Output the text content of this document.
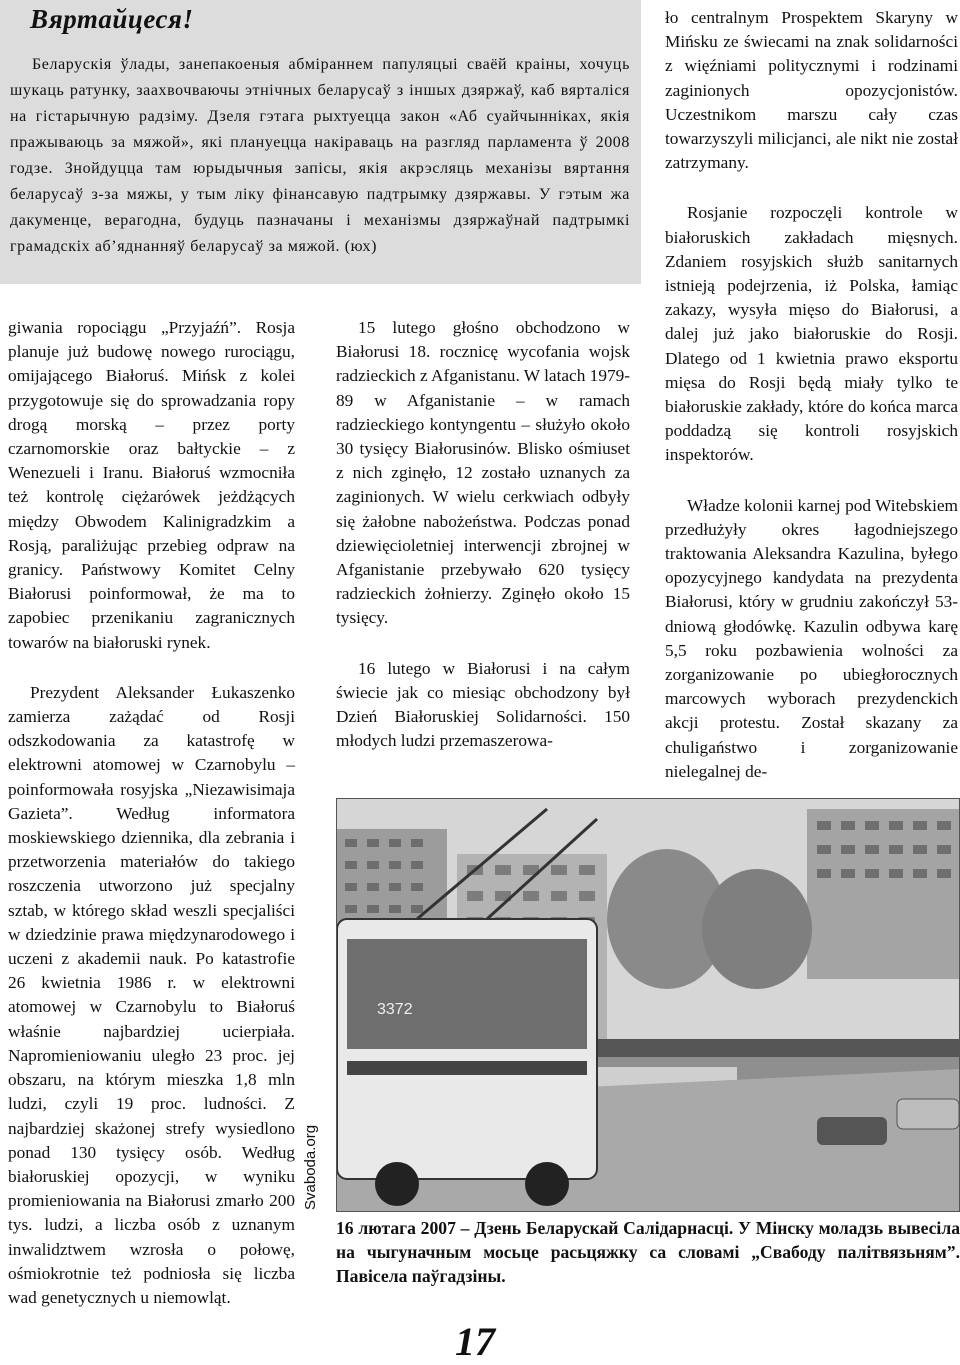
Вяртайцеся!

Беларускія ўлады, занепакоеныя абміраннем папуляцыі сваёй краіны, хочуць шукаць ратунку, заахвочваючы этнічных беларусаў з іншых дзяржаў, каб вярталіся на гістарычную радзіму. Дзеля гэтага рыхтуецца закон «Аб суайчынніках, якія пражываюць за мяжой», які плануецца накіраваць на разгляд парламента ў 2008 годзе. Знойдуцца там юрыдычныя запісы, якія акрэсляць механізы вяртання беларусаў з-за мяжы, у тым ліку фінансавую падтрымку дзяржавы. У гэтым жа дакуменце, верагодна, будуць пазначаны і механізмы дзяржаўнай падтрымкі грамадскіх аб’яднанняў беларусаў за мяжой. (юх)

giwania ropociągu „Przyjaźń”. Rosja planuje już budowę nowego rurociągu, omijającego Białoruś. Mińsk z kolei przygotowuje się do sprowadzania ropy drogą morską – przez porty czarnomorskie oraz bałtyckie – z Wenezueli i Iranu. Białoruś wzmocniła też kontrolę ciężarówek jeżdżących między Obwodem Kalinigradzkim a Rosją, paraliżując przebieg odpraw na granicy. Państwowy Komitet Celny Białorusi poinformował, że ma to zapobiec przenikaniu zagranicznych towarów na białoruski rynek.

Prezydent Aleksander Łukaszenko zamierza zażądać od Rosji odszkodowania za katastrofę w elektrowni atomowej w Czarnobylu – poinformowała rosyjska „Niezawisimaja Gazieta”. Według informatora moskiewskiego dziennika, dla zebrania i przetworzenia materiałów do takiego roszczenia utworzono już specjalny sztab, w którego skład weszli specjaliści w dziedzinie prawa międzynarodowego i uczeni z akademii nauk. Po katastrofie 26 kwietnia 1986 r. w elektrowni atomowej w Czarnobylu to Białoruś właśnie najbardziej ucierpiała. Napromieniowaniu uległo 23 proc. jej obszaru, na którym mieszka 1,8 mln ludzi, czyli 19 proc. ludności. Z najbardziej skażonej strefy wysiedlono ponad 130 tysięcy osób. Według białoruskiej opozycji, w wyniku promieniowania na Białorusi zmarło 200 tys. ludzi, a liczba osób z uznanym inwalidztwem wzrosła o połowę, ośmiokrotnie też podniosła się liczba wad genetycznych u niemowląt.

15 lutego głośno obchodzono w Białorusi 18. rocznicę wycofania wojsk radzieckich z Afganistanu. W latach 1979-89 w Afganistanie – w ramach radzieckiego kontyngentu – służyło około 30 tysięcy Białorusinów. Blisko ośmiuset z nich zginęło, 12 zostało uznanych za zaginionych. W wielu cerkwiach odbyły się żałobne nabożeństwa. Podczas ponad dziewięcioletniej interwencji zbrojnej w Afganistanie przebywało 620 tysięcy radzieckich żołnierzy. Zginęło około 15 tysięcy.

16 lutego w Białorusi i na całym świecie jak co miesiąc obchodzony był Dzień Białoruskiej Solidarności. 150 młodych ludzi przemaszerowa-

ło centralnym Prospektem Skaryny w Mińsku ze świecami na znak solidarności z więźniami politycznymi i rodzinami zaginionych opozycjonistów. Uczestnikom marszu cały czas towarzyszyli milicjanci, ale nikt nie został zatrzymany.

Rosjanie rozpoczęli kontrole w białoruskich zakładach mięsnych. Zdaniem rosyjskich służb sanitarnych istnieją podejrzenia, iż Polska, łamiąc zakazy, wysyła mięso do Białorusi, a dalej już jako białoruskie do Rosji. Dlatego od 1 kwietnia prawo eksportu mięsa do Rosji będą miały tylko te białoruskie zakłady, które do końca marca poddadzą się kontroli rosyjskich inspektorów.

Władze kolonii karnej pod Witebskiem przedłużyły okres łagodniejszego traktowania Aleksandra Kazulina, byłego opozycyjnego kandydata na prezydenta Białorusi, który w grudniu zakończył 53-dniową głodówkę. Kazulin odbywa karę 5,5 roku pozbawienia wolności za zorganizowanie po ubiegłorocznych marcowych wyborach prezydenckich akcji protestu. Został skazany za chuligaństwo i zorganizowanie nielegalnej de-

3372

Svaboda.org

16 лютага 2007 – Дзень Беларускай Салідарнасці. У Мінску моладзь вывесіла на чыгуначным мосьце расьцяжку са словамі „Свабоду палітвязьням”. Павісела паўгадзіны.

17
